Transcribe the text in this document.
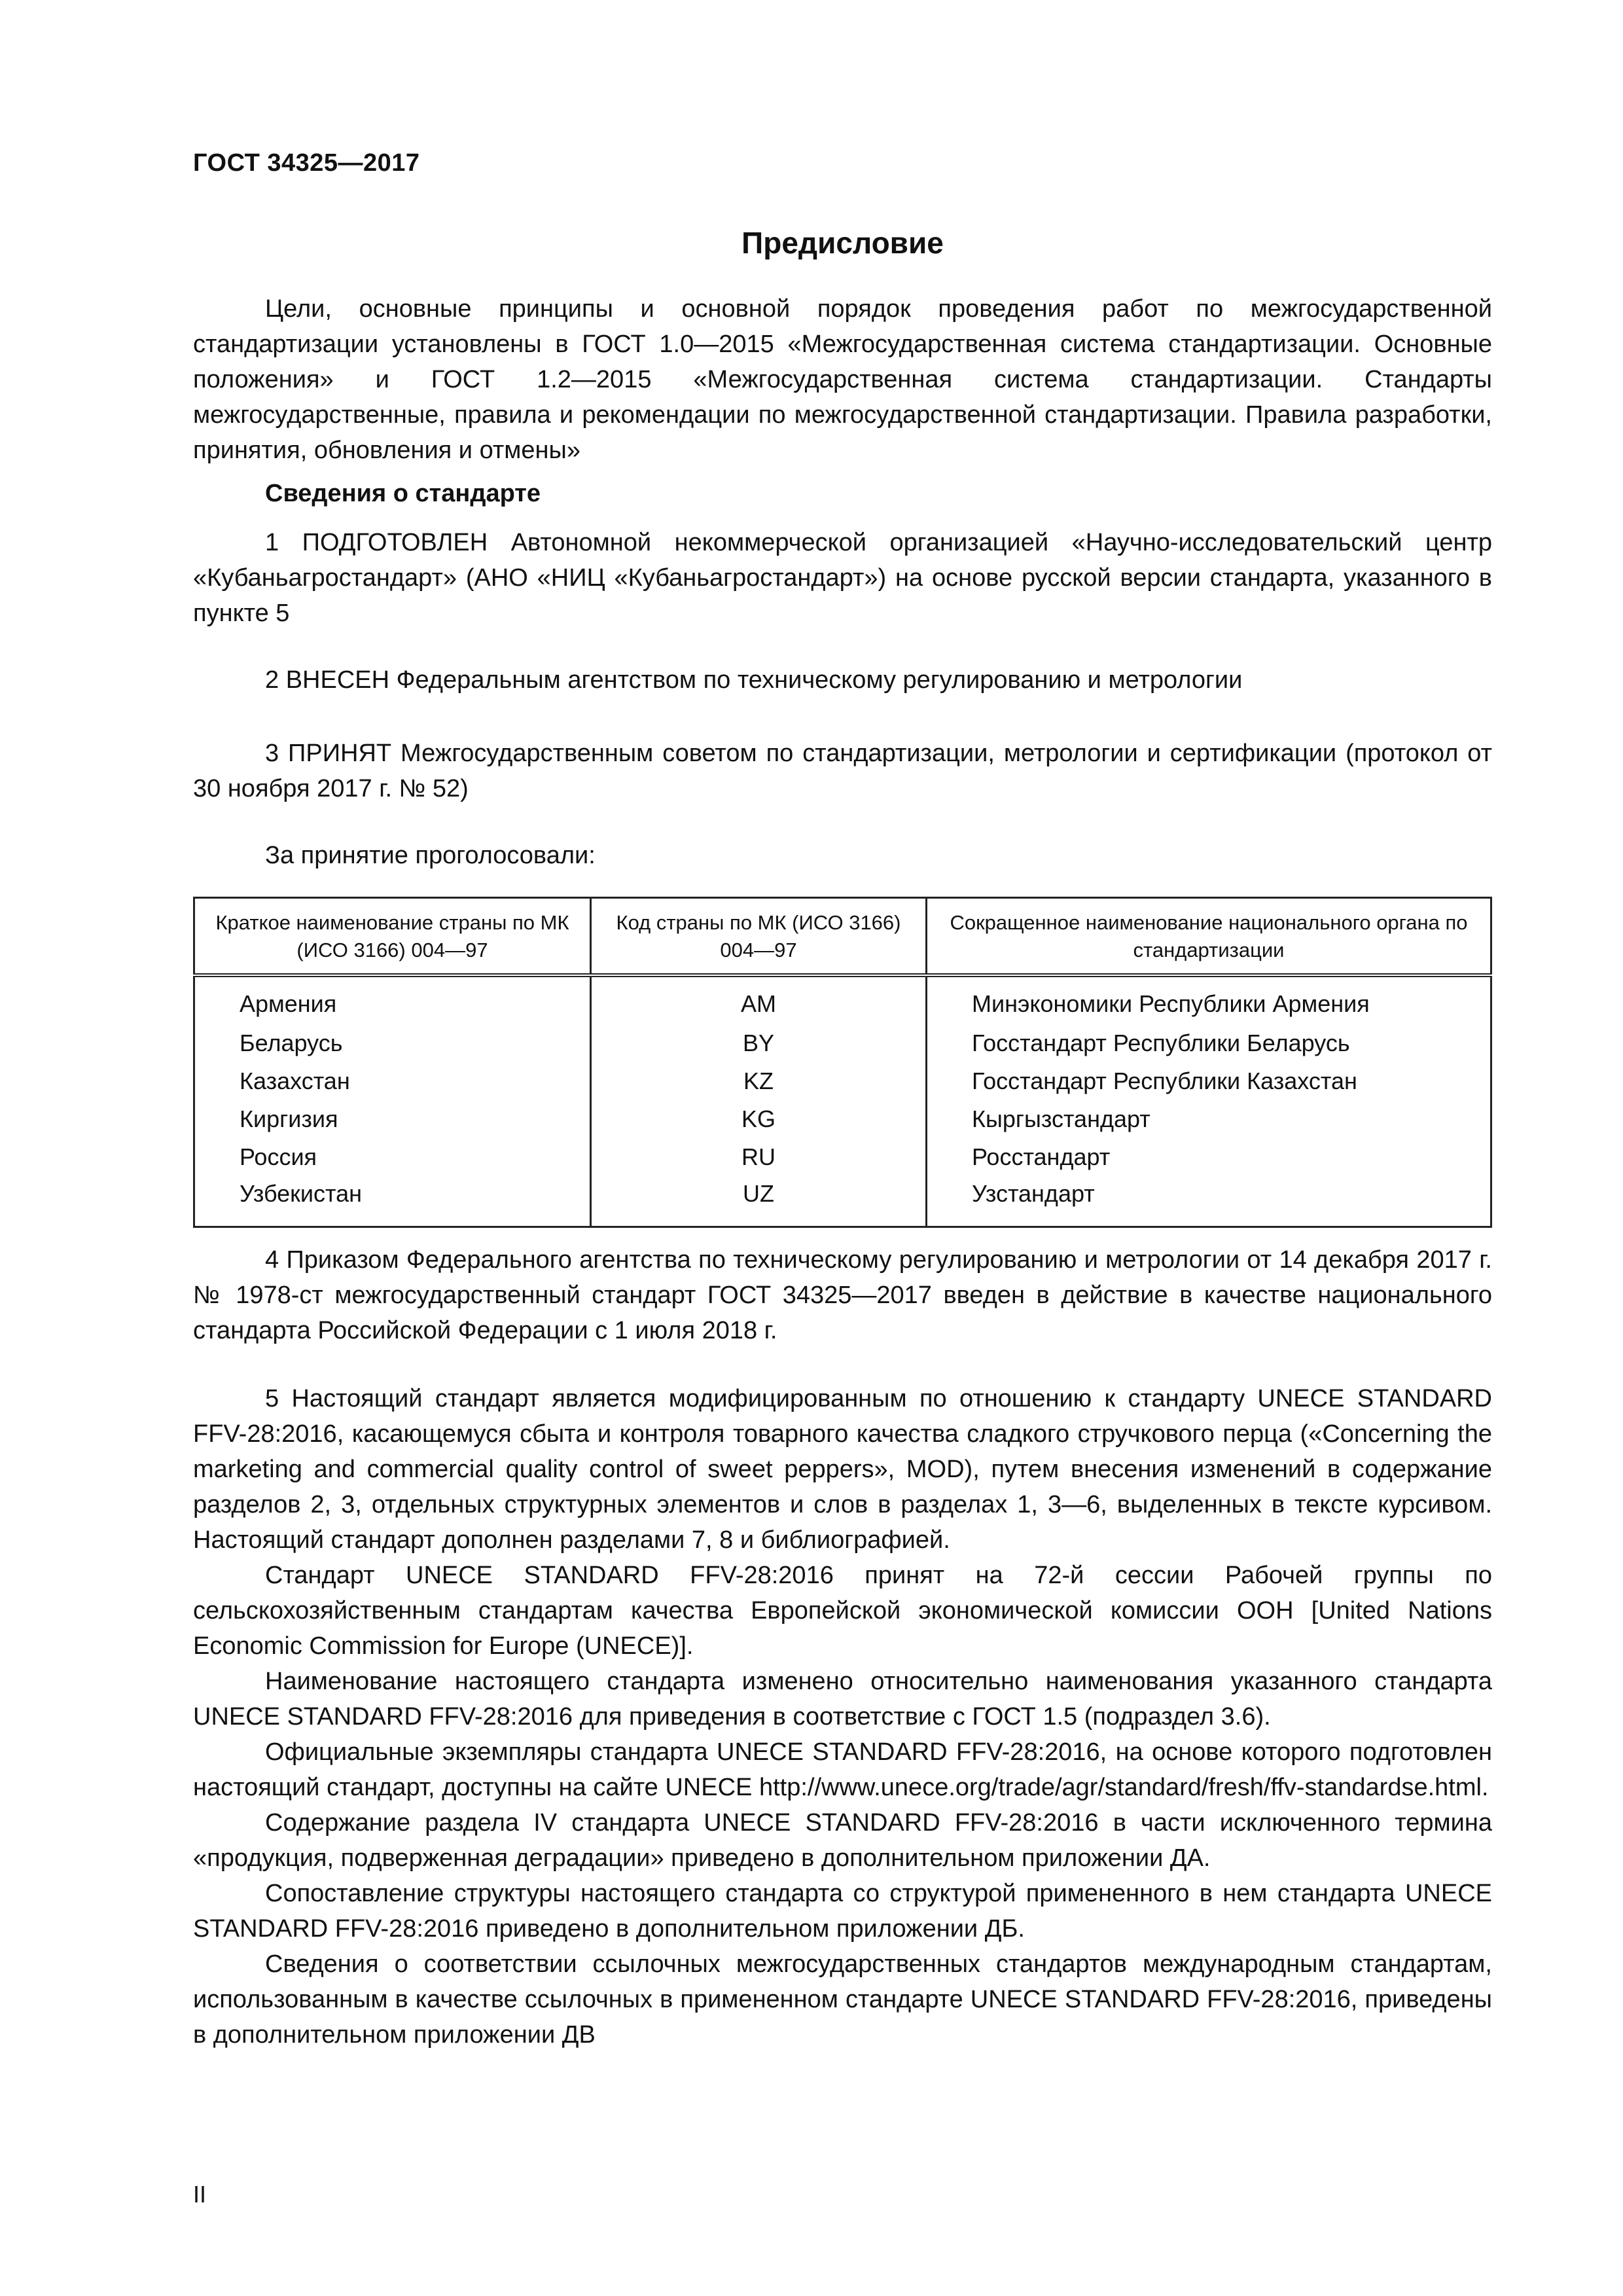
ГОСТ 34325—2017
Предисловие

Цели, основные принципы и основной порядок проведения работ по межгосударственной стандартизации установлены в ГОСТ 1.0—2015 «Межгосударственная система стандартизации. Основные положения» и ГОСТ 1.2—2015 «Межгосударственная система стандартизации. Стандарты межгосударственные, правила и рекомендации по межгосударственной стандартизации. Правила разработки, принятия, обновления и отмены»

Сведения о стандарте

1 ПОДГОТОВЛЕН Автономной некоммерческой организацией «Научно-исследовательский центр «Кубаньагростандарт» (АНО «НИЦ «Кубаньагростандарт») на основе русской версии стандарта, указанного в пункте 5

2 ВНЕСЕН Федеральным агентством по техническому регулированию и метрологии

3 ПРИНЯТ Межгосударственным советом по стандартизации, метрологии и сертификации (протокол от 30 ноября 2017 г. № 52)

За принятие проголосовали:
Краткое наименование страны по МК (ИСО 3166) 004—97	Код страны по МК (ИСО 3166) 004—97	Сокращенное наименование национального органа по стандартизации
Армения	AM	Минэкономики Республики Армения
Беларусь	BY	Госстандарт Республики Беларусь
Казахстан	KZ	Госстандарт Республики Казахстан
Киргизия	KG	Кыргызстандарт
Россия	RU	Росстандарт
Узбекистан	UZ	Узстандарт

4 Приказом Федерального агентства по техническому регулированию и метрологии от 14 декабря 2017 г. № 1978-ст межгосударственный стандарт ГОСТ 34325—2017 введен в действие в качестве национального стандарта Российской Федерации с 1 июля 2018 г.

5 Настоящий стандарт является модифицированным по отношению к стандарту UNECE STANDARD FFV-28:2016, касающемуся сбыта и контроля товарного качества сладкого стручкового перца («Concerning the marketing and commercial quality control of sweet peppers», MOD), путем внесения изменений в содержание разделов 2, 3, отдельных структурных элементов и слов в разделах 1, 3—6, выделенных в тексте курсивом. Настоящий стандарт дополнен разделами 7, 8 и библиографией.

Стандарт UNECE STANDARD FFV-28:2016 принят на 72-й сессии Рабочей группы по сельскохозяйственным стандартам качества Европейской экономической комиссии ООН [United Nations Economic Commission for Europe (UNECE)].

Наименование настоящего стандарта изменено относительно наименования указанного стандарта UNECE STANDARD FFV-28:2016 для приведения в соответствие с ГОСТ 1.5 (подраздел 3.6).

Официальные экземпляры стандарта UNECE STANDARD FFV-28:2016, на основе которого подготовлен настоящий стандарт, доступны на сайте UNECE http://www.unece.org/trade/agr/standard/fresh/ffv-standardse.html.

Содержание раздела IV стандарта UNECE STANDARD FFV-28:2016 в части исключенного термина «продукция, подверженная деградации» приведено в дополнительном приложении ДА.

Сопоставление структуры настоящего стандарта со структурой примененного в нем стандарта UNECE STANDARD FFV-28:2016 приведено в дополнительном приложении ДБ.

Сведения о соответствии ссылочных межгосударственных стандартов международным стандартам, использованным в качестве ссылочных в примененном стандарте UNECE STANDARD FFV-28:2016, приведены в дополнительном приложении ДВ

II
